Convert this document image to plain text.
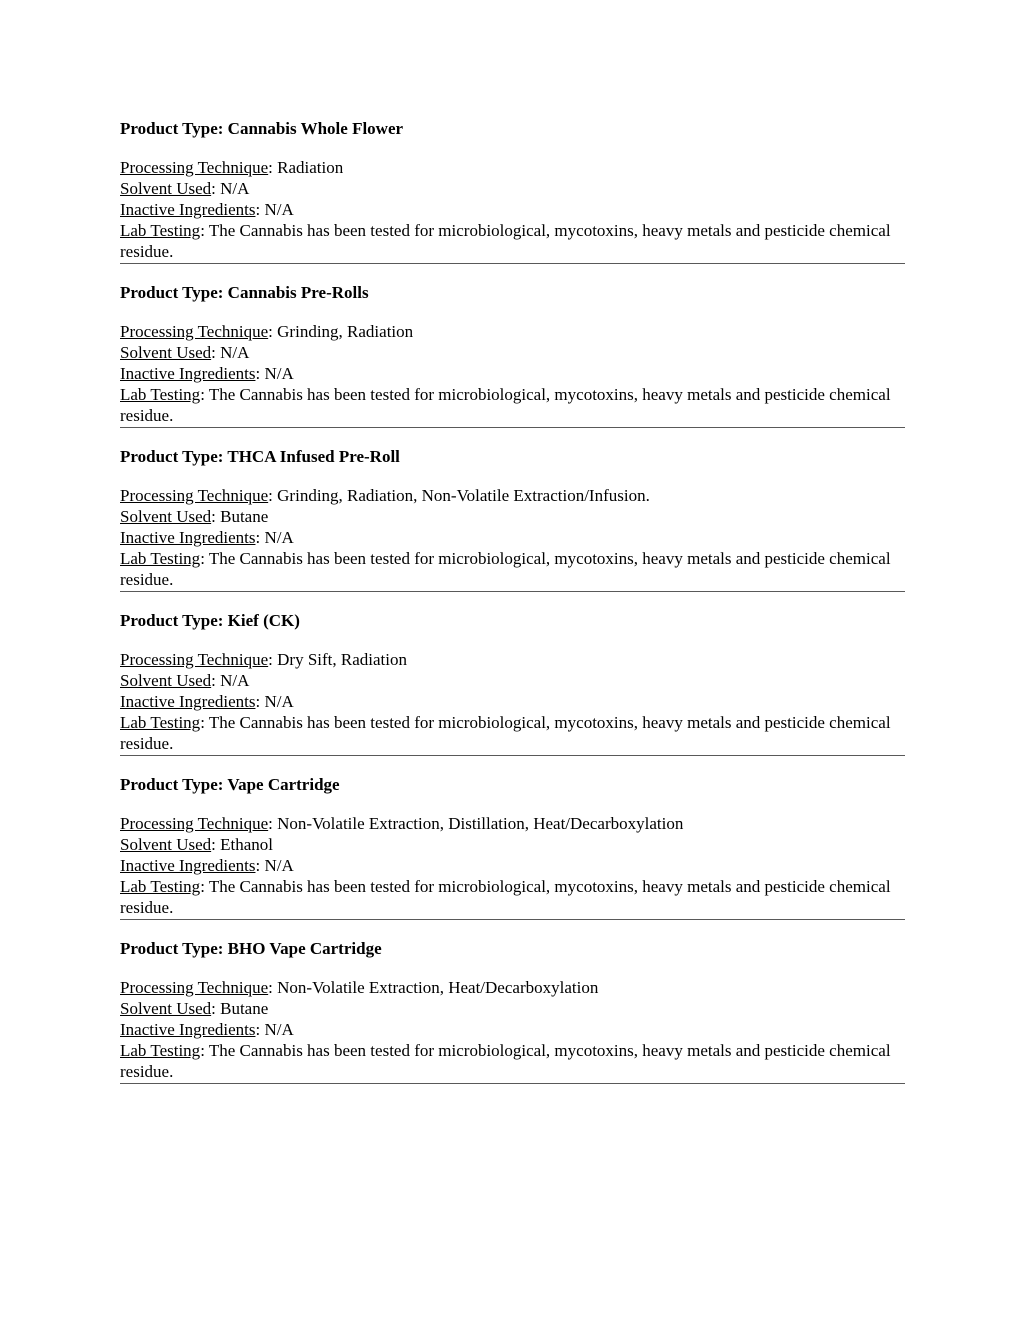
Product Type: Cannabis Whole Flower

Processing Technique: Radiation
Solvent Used: N/A
Inactive Ingredients: N/A
Lab Testing: The Cannabis has been tested for microbiological, mycotoxins, heavy metals and pesticide chemical residue.

Product Type: Cannabis Pre-Rolls

Processing Technique: Grinding, Radiation
Solvent Used: N/A
Inactive Ingredients: N/A
Lab Testing: The Cannabis has been tested for microbiological, mycotoxins, heavy metals and pesticide chemical residue.

Product Type: THCA Infused Pre-Roll

Processing Technique: Grinding, Radiation, Non-Volatile Extraction/Infusion.
Solvent Used: Butane
Inactive Ingredients: N/A
Lab Testing: The Cannabis has been tested for microbiological, mycotoxins, heavy metals and pesticide chemical residue.

Product Type: Kief (CK)

Processing Technique: Dry Sift, Radiation
Solvent Used: N/A
Inactive Ingredients: N/A
Lab Testing: The Cannabis has been tested for microbiological, mycotoxins, heavy metals and pesticide chemical residue.

Product Type: Vape Cartridge

Processing Technique: Non-Volatile Extraction, Distillation, Heat/Decarboxylation
Solvent Used: Ethanol
Inactive Ingredients: N/A
Lab Testing: The Cannabis has been tested for microbiological, mycotoxins, heavy metals and pesticide chemical residue.

Product Type: BHO Vape Cartridge

Processing Technique: Non-Volatile Extraction, Heat/Decarboxylation
Solvent Used: Butane
Inactive Ingredients: N/A
Lab Testing: The Cannabis has been tested for microbiological, mycotoxins, heavy metals and pesticide chemical residue.
